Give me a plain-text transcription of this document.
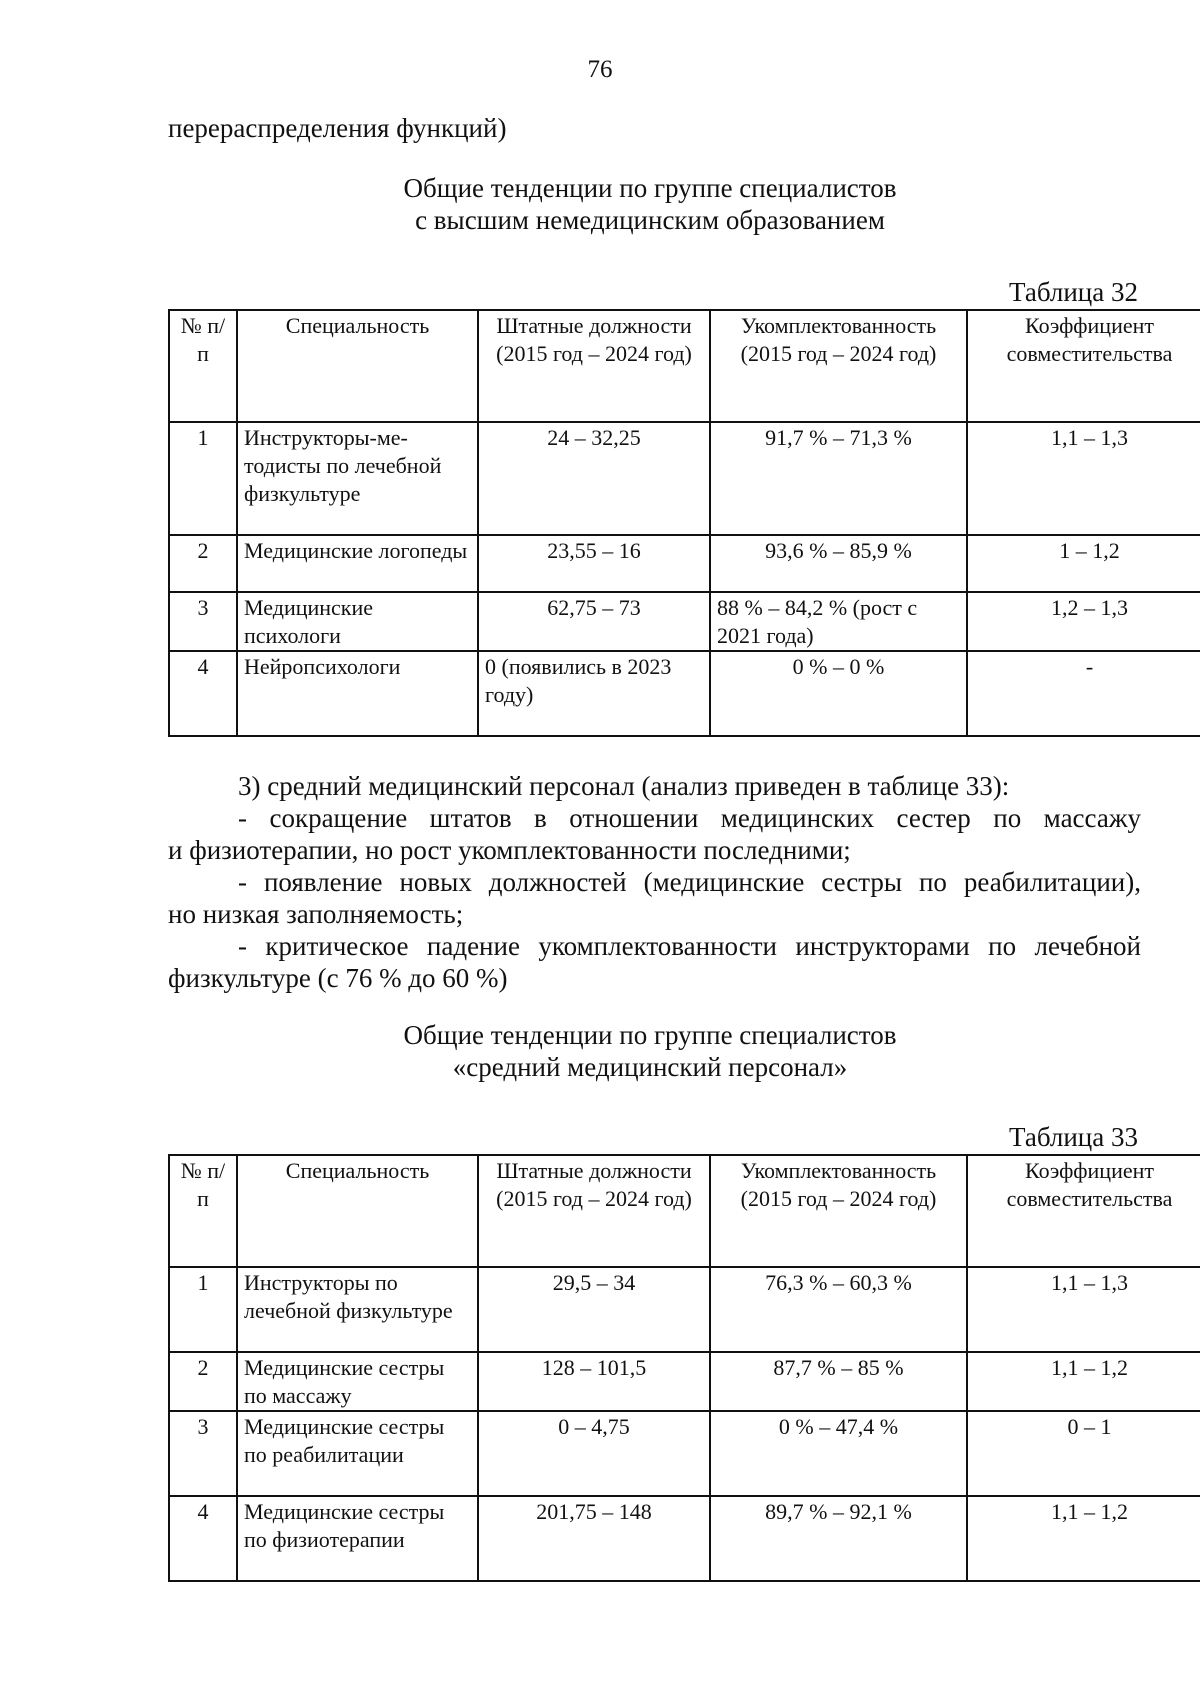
76
перераспределения функций)
Общие тенденции по группе специалистов
с высшим немедицинским образованием
Таблица 32
№ п/п	Специальность	Штатные должности (2015 год – 2024 год)	Укомплектованность (2015 год – 2024 год)	Коэффициент совместительства
1	Инструкторы-ме-тодисты по лечебной физкультуре	24 – 32,25	91,7 % – 71,3 %	1,1 – 1,3
2	Медицинские логопеды	23,55 – 16	93,6 % – 85,9 %	1 – 1,2
3	Медицинские психологи	62,75 – 73	88 % – 84,2 % (рост с 2021 года)	1,2 – 1,3
4	Нейропсихологи	0 (появились в 2023 году)	0 % – 0 %	-
3) средний медицинский персонал (анализ приведен в таблице 33):
- сокращение штатов в отношении медицинских сестер по массажу
и физиотерапии, но рост укомплектованности последними;
- появление новых должностей (медицинские сестры по реабилитации),
но низкая заполняемость;
- критическое падение укомплектованности инструкторами по лечебной
физкультуре (с 76 % до 60 %)
Общие тенденции по группе специалистов
«средний медицинский персонал»
Таблица 33
№ п/п	Специальность	Штатные должности (2015 год – 2024 год)	Укомплектованность (2015 год – 2024 год)	Коэффициент совместительства
1	Инструкторы по лечебной физкультуре	29,5 – 34	76,3 % – 60,3 %	1,1 – 1,3
2	Медицинские сестры по массажу	128 – 101,5	87,7 % – 85 %	1,1 – 1,2
3	Медицинские сестры по реабилитации	0 – 4,75	0 % – 47,4 %	0 – 1
4	Медицинские сестры по физиотерапии	201,75 – 148	89,7 % – 92,1 %	1,1 – 1,2
